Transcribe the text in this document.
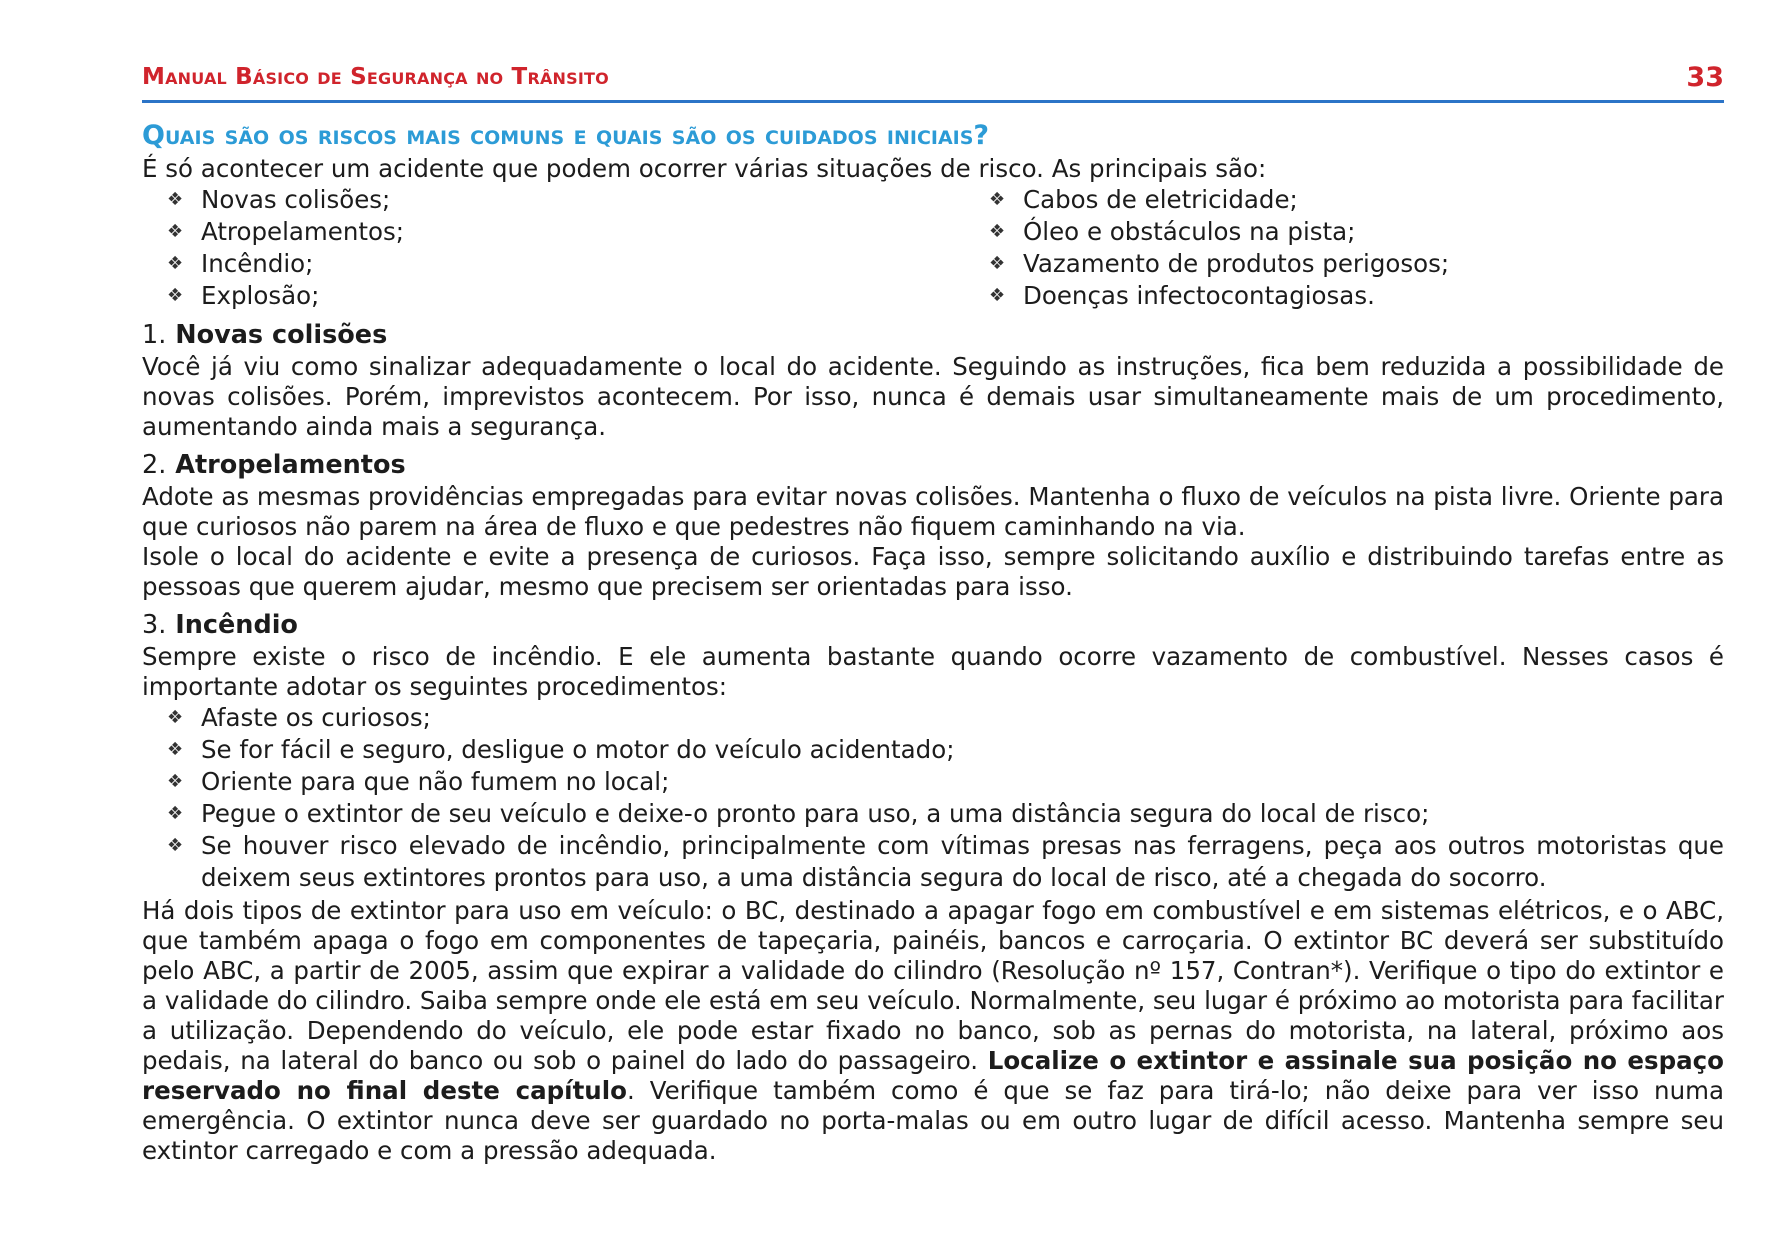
Manual Básico de Segurança no Trânsito	33
Quais são os riscos mais comuns e quais são os cuidados iniciais?

É só acontecer um acidente que podem ocorrer várias situações de risco. As principais são:

❖ Novas colisões;
❖ Atropelamentos;
❖ Incêndio;
❖ Explosão;
❖ Cabos de eletricidade;
❖ Óleo e obstáculos na pista;
❖ Vazamento de produtos perigosos;
❖ Doenças infectocontagiosas.
1. Novas colisões

Você já viu como sinalizar adequadamente o local do acidente. Seguindo as instruções, fica bem reduzida a possibilidade de novas colisões. Porém, imprevistos acontecem. Por isso, nunca é demais usar simultaneamente mais de um procedimento, aumentando ainda mais a segurança.

2. Atropelamentos

Adote as mesmas providências empregadas para evitar novas colisões. Mantenha o fluxo de veículos na pista livre. Oriente para que curiosos não parem na área de fluxo e que pedestres não fiquem caminhando na via.

Isole o local do acidente e evite a presença de curiosos. Faça isso, sempre solicitando auxílio e distribuindo tarefas entre as pessoas que querem ajudar, mesmo que precisem ser orientadas para isso.

3. Incêndio

Sempre existe o risco de incêndio. E ele aumenta bastante quando ocorre vazamento de combustível. Nesses casos é importante adotar os seguintes procedimentos:

❖ Afaste os curiosos;
❖ Se for fácil e seguro, desligue o motor do veículo acidentado;
❖ Oriente para que não fumem no local;
❖ Pegue o extintor de seu veículo e deixe-o pronto para uso, a uma distância segura do local de risco;
❖ Se houver risco elevado de incêndio, principalmente com vítimas presas nas ferragens, peça aos outros motoristas que deixem seus extintores prontos para uso, a uma distância segura do local de risco, até a chegada do socorro.

Há dois tipos de extintor para uso em veículo: o BC, destinado a apagar fogo em combustível e em sistemas elétricos, e o ABC, que também apaga o fogo em componentes de tapeçaria, painéis, bancos e carroçaria. O extintor BC deverá ser substituído pelo ABC, a partir de 2005, assim que expirar a validade do cilindro (Resolução nº 157, Contran*). Verifique o tipo do extintor e a validade do cilindro. Saiba sempre onde ele está em seu veículo. Normalmente, seu lugar é próximo ao motorista para facilitar a utilização. Dependendo do veículo, ele pode estar fixado no banco, sob as pernas do motorista, na lateral, próximo aos pedais, na lateral do banco ou sob o painel do lado do passageiro. Localize o extintor e assinale sua posição no espaço reservado no final deste capítulo. Verifique também como é que se faz para tirá-lo; não deixe para ver isso numa emergência. O extintor nunca deve ser guardado no porta-malas ou em outro lugar de difícil acesso. Mantenha sempre seu extintor carregado e com a pressão adequada.
